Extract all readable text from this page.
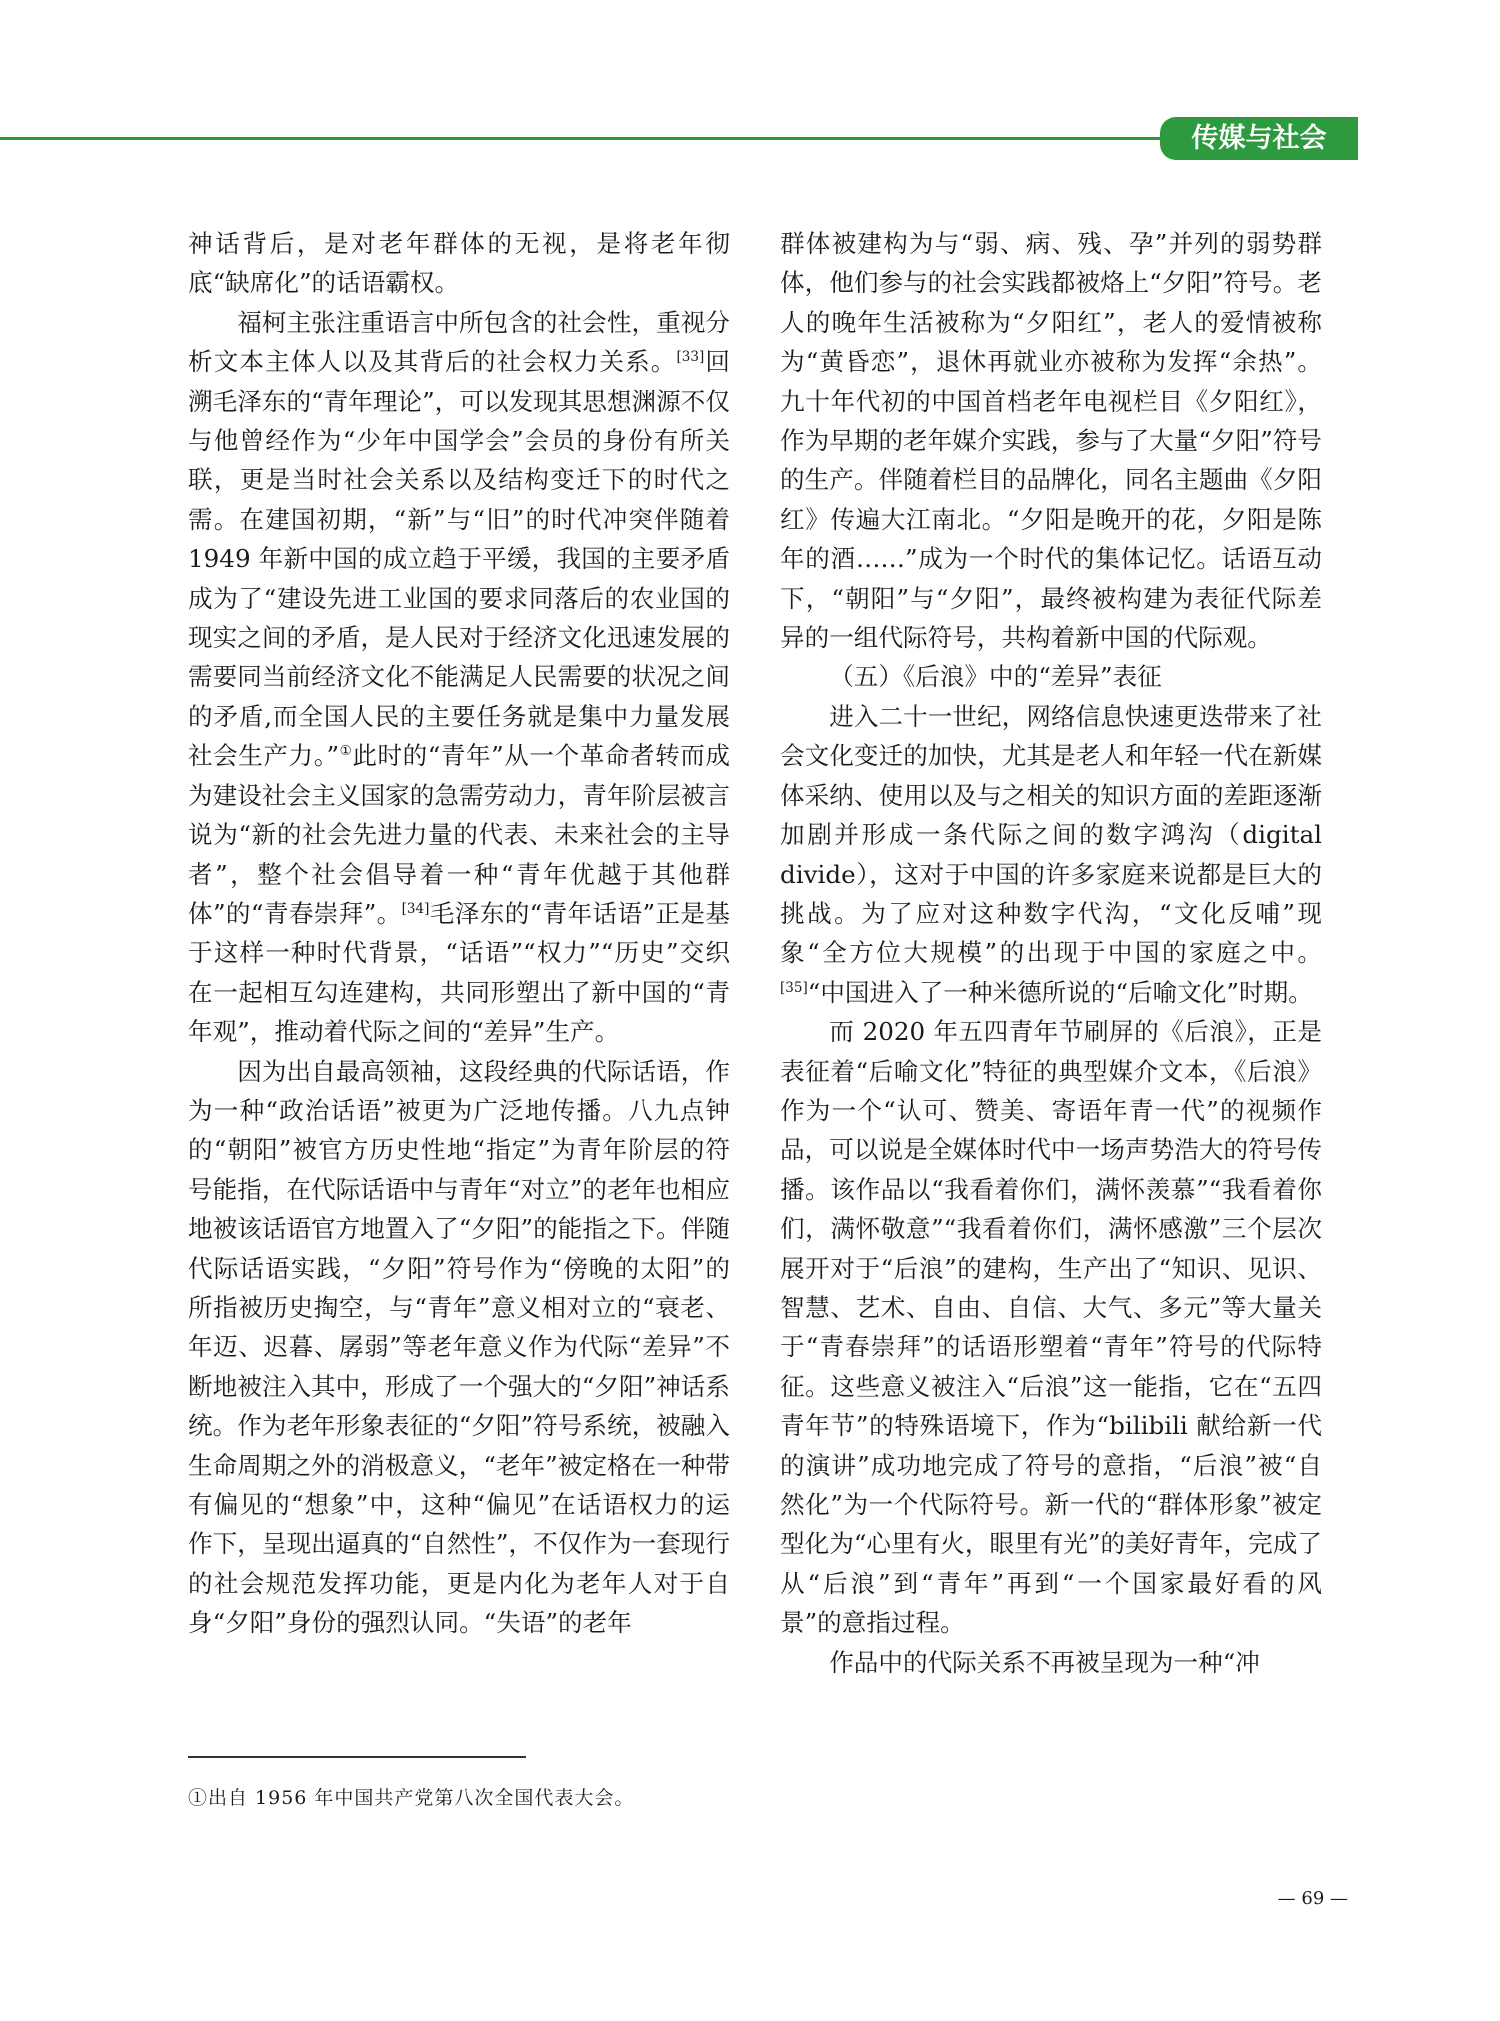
传媒与社会

神话背后，是对老年群体的无视，是将老年彻底“缺席化”的话语霸权。

福柯主张注重语言中所包含的社会性，重视分析文本主体人以及其背后的社会权力关系。[33]回溯毛泽东的“青年理论”，可以发现其思想渊源不仅与他曾经作为“少年中国学会”会员的身份有所关联，更是当时社会关系以及结构变迁下的时代之需。在建国初期，“新”与“旧”的时代冲突伴随着 1949 年新中国的成立趋于平缓，我国的主要矛盾成为了“建设先进工业国的要求同落后的农业国的现实之间的矛盾，是人民对于经济文化迅速发展的需要同当前经济文化不能满足人民需要的状况之间的矛盾,而全国人民的主要任务就是集中力量发展社会生产力。”①此时的“青年”从一个革命者转而成为建设社会主义国家的急需劳动力，青年阶层被言说为“新的社会先进力量的代表、未来社会的主导者”，整个社会倡导着一种“青年优越于其他群体”的“青春崇拜”。[34]毛泽东的“青年话语”正是基于这样一种时代背景，“话语”“权力”“历史”交织在一起相互勾连建构，共同形塑出了新中国的“青年观”，推动着代际之间的“差异”生产。

因为出自最高领袖，这段经典的代际话语，作为一种“政治话语”被更为广泛地传播。八九点钟的“朝阳”被官方历史性地“指定”为青年阶层的符号能指，在代际话语中与青年“对立”的老年也相应地被该话语官方地置入了“夕阳”的能指之下。伴随代际话语实践，“夕阳”符号作为“傍晚的太阳”的所指被历史掏空，与“青年”意义相对立的“衰老、年迈、迟暮、孱弱”等老年意义作为代际“差异”不断地被注入其中，形成了一个强大的“夕阳”神话系统。作为老年形象表征的“夕阳”符号系统，被融入生命周期之外的消极意义，“老年”被定格在一种带有偏见的“想象”中，这种“偏见”在话语权力的运作下，呈现出逼真的“自然性”，不仅作为一套现行的社会规范发挥功能，更是内化为老年人对于自身“夕阳”身份的强烈认同。“失语”的老年

群体被建构为与“弱、病、残、孕”并列的弱势群体，他们参与的社会实践都被烙上“夕阳”符号。老人的晚年生活被称为“夕阳红”，老人的爱情被称为“黄昏恋”，退休再就业亦被称为发挥“余热”。九十年代初的中国首档老年电视栏目《夕阳红》，作为早期的老年媒介实践，参与了大量“夕阳”符号的生产。伴随着栏目的品牌化，同名主题曲《夕阳红》传遍大江南北。“夕阳是晚开的花，夕阳是陈年的酒……”成为一个时代的集体记忆。话语互动下，“朝阳”与“夕阳”，最终被构建为表征代际差异的一组代际符号，共构着新中国的代际观。

（五）《后浪》中的“差异”表征

进入二十一世纪，网络信息快速更迭带来了社会文化变迁的加快，尤其是老人和年轻一代在新媒体采纳、使用以及与之相关的知识方面的差距逐渐加剧并形成一条代际之间的数字鸿沟（digital divide），这对于中国的许多家庭来说都是巨大的挑战。为了应对这种数字代沟，“文化反哺”现象“全方位大规模”的出现于中国的家庭之中。[35]“中国进入了一种米德所说的“后喻文化”时期。

而 2020 年五四青年节刷屏的《后浪》，正是表征着“后喻文化”特征的典型媒介文本，《后浪》作为一个“认可、赞美、寄语年青一代”的视频作品，可以说是全媒体时代中一场声势浩大的符号传播。该作品以“我看着你们，满怀羡慕”“我看着你们，满怀敬意”“我看着你们，满怀感激”三个层次展开对于“后浪”的建构，生产出了“知识、见识、智慧、艺术、自由、自信、大气、多元”等大量关于“青春崇拜”的话语形塑着“青年”符号的代际特征。这些意义被注入“后浪”这一能指，它在“五四青年节”的特殊语境下，作为“bilibili 献给新一代的演讲”成功地完成了符号的意指，“后浪”被“自然化”为一个代际符号。新一代的“群体形象”被定型化为“心里有火，眼里有光”的美好青年，完成了从“后浪”到“青年”再到“一个国家最好看的风景”的意指过程。

作品中的代际关系不再被呈现为一种“冲

①出自 1956 年中国共产党第八次全国代表大会。
— 69 —
